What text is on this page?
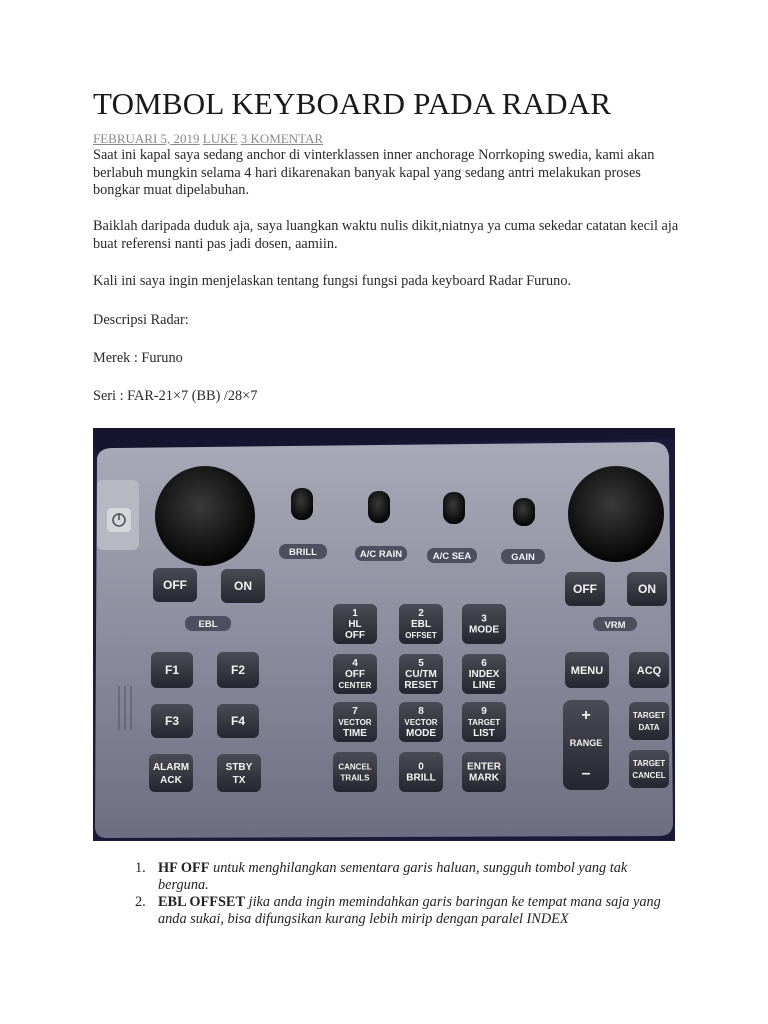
TOMBOL KEYBOARD PADA RADAR
FEBRUARI 5, 2019 LUKE 3 KOMENTAR

Saat ini kapal saya sedang anchor di vinterklassen inner anchorage Norrkoping swedia, kami akan berlabuh mungkin selama 4 hari dikarenakan banyak kapal yang sedang antri melakukan proses bongkar muat dipelabuhan.

Baiklah daripada duduk aja, saya luangkan waktu nulis dikit,niatnya ya cuma sekedar catatan kecil aja buat referensi nanti pas jadi dosen, aamiin.

Kali ini saya ingin menjelaskan tentang fungsi fungsi pada keyboard Radar Furuno.

Descripsi Radar:

Merek : Furuno

Seri : FAR-21×7 (BB) /28×7

BRILL	A/C RAIN	A/C SEA	GAIN
OFF	ON
EBL
OFF	ON
VRM
F1	F2
F3	F4
ALARM
ACK
STBY
TX
1
HL
OFF
2
EBL
OFFSET
3
MODE
4
OFF
CENTER
5
CU/TM
RESET
6
INDEX
LINE
7
VECTOR
TIME
8
VECTOR
MODE
9
TARGET
LIST
CANCEL
TRAILS
0
BRILL
ENTER
MARK
MENU	ACQ
+
RANGE
–
TARGET
DATA
TARGET
CANCEL
1. HF OFF untuk menghilangkan sementara garis haluan, sungguh tombol yang tak berguna.
2. EBL OFFSET jika anda ingin memindahkan garis baringan ke tempat mana saja yang anda sukai, bisa difungsikan kurang lebih mirip dengan paralel INDEX
